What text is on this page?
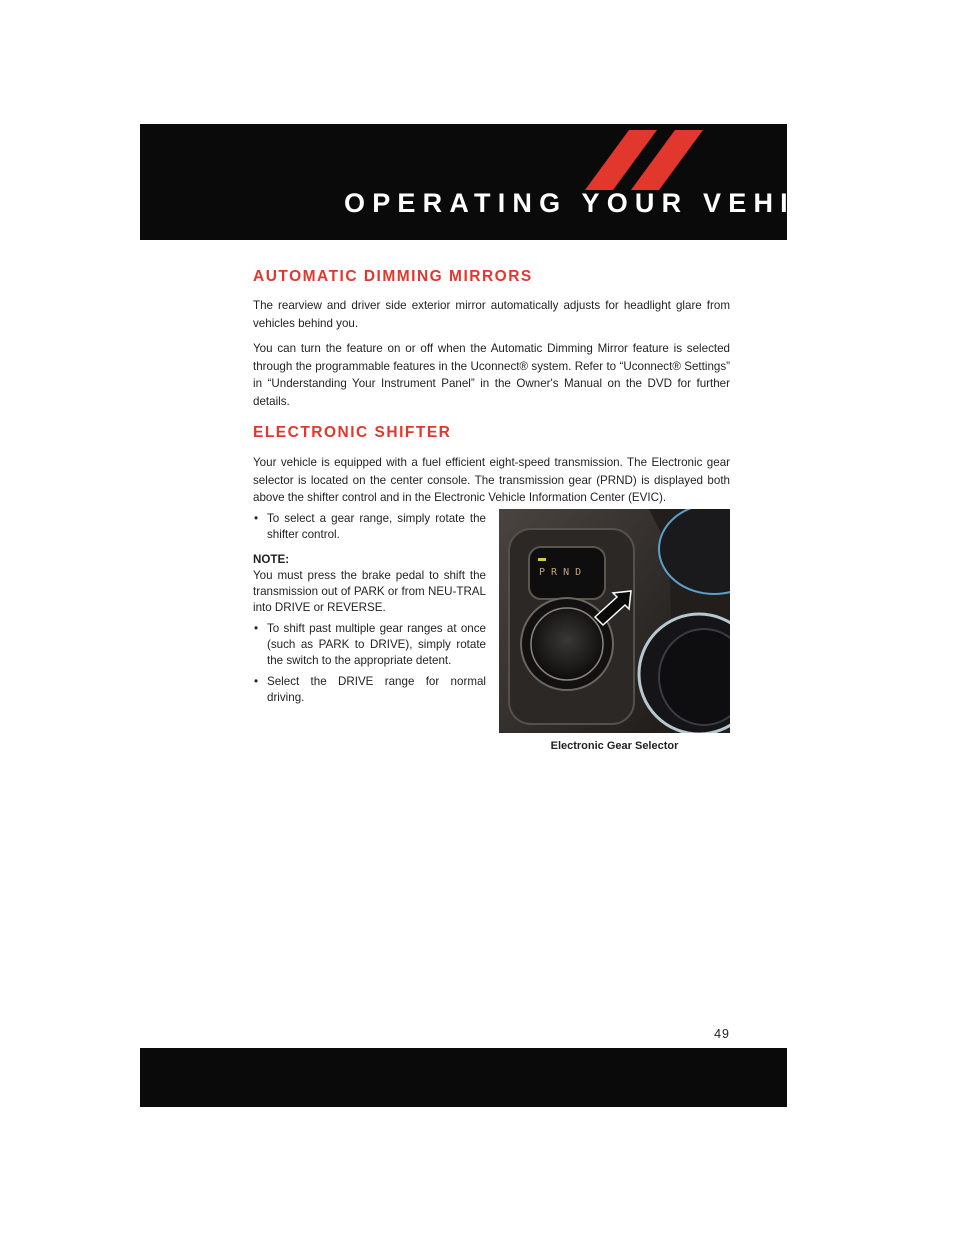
OPERATING YOUR VEHICLE
AUTOMATIC DIMMING MIRRORS
The rearview and driver side exterior mirror automatically adjusts for headlight glare from vehicles behind you.
You can turn the feature on or off when the Automatic Dimming Mirror feature is selected through the programmable features in the Uconnect® system. Refer to “Uconnect® Settings” in “Understanding Your Instrument Panel” in the Owner's Manual on the DVD for further details.
ELECTRONIC SHIFTER
Your vehicle is equipped with a fuel efficient eight-speed transmission. The Electronic gear selector is located on the center console. The transmission gear (PRND) is displayed both above the shifter control and in the Electronic Vehicle Information Center (EVIC).
• To select a gear range, simply rotate the shifter control.
NOTE:
You must press the brake pedal to shift the transmission out of PARK or from NEU-TRAL into DRIVE or REVERSE.
• To shift past multiple gear ranges at once (such as PARK to DRIVE), simply rotate the switch to the appropriate detent.
• Select the DRIVE range for normal driving.
P R N D
Electronic Gear Selector
49
